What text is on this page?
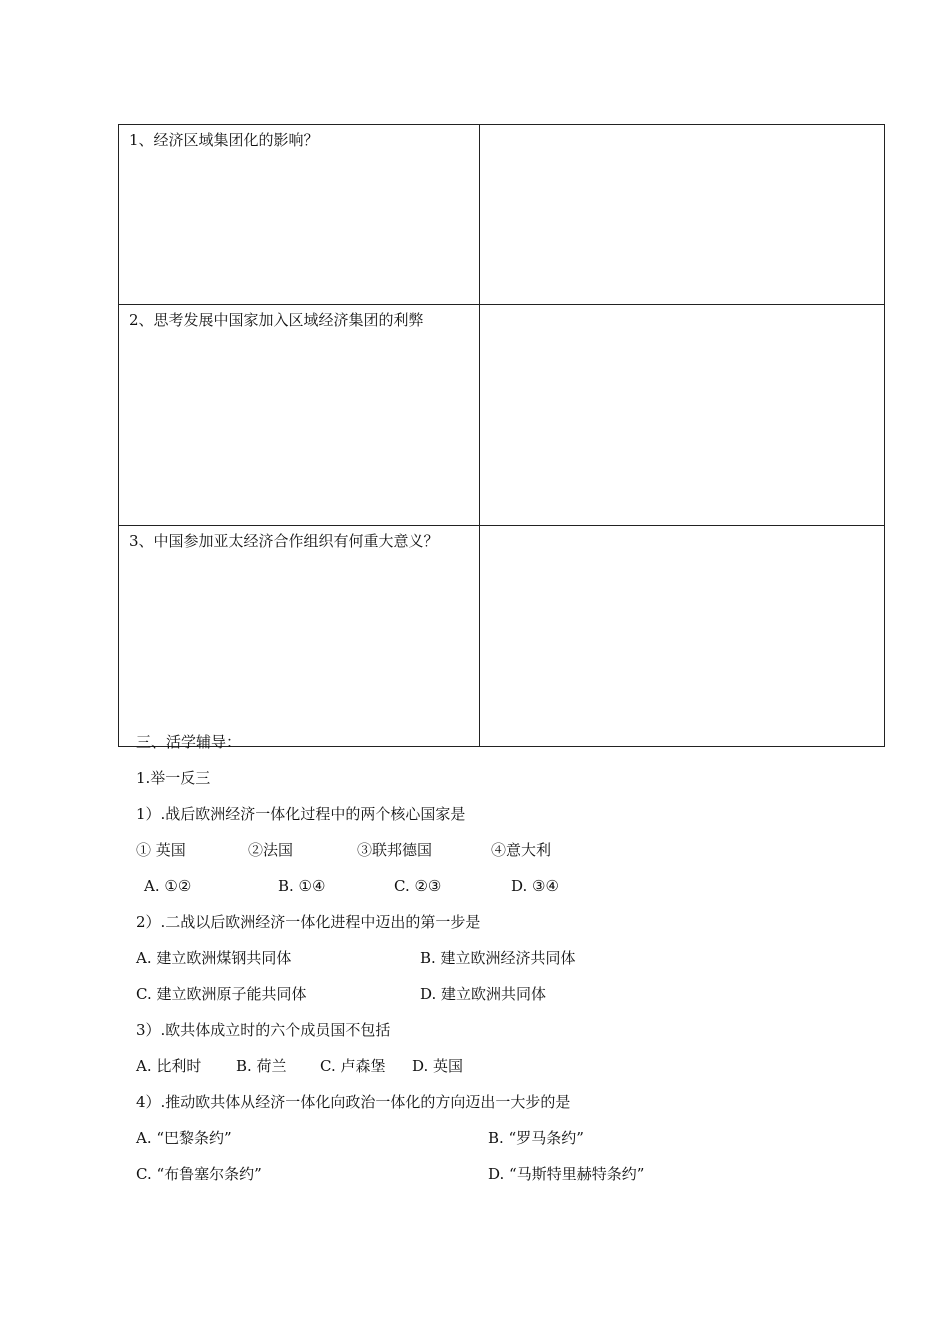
1、经济区域集团化的影响？	

2、思考发展中国家加入区域经济集团的利弊	

3、中国参加亚太经济合作组织有何重大意义？	

三、活学辅导：
1.举一反三
1）.战后欧洲经济一体化过程中的两个核心国家是

① 英国

	②法国

	③联邦德国

	④意大利

A. ①②

	B. ①④

	C. ②③

	D. ③④

2）.二战以后欧洲经济一体化进程中迈出的第一步是

A. 建立欧洲煤钢共同体

	B. 建立欧洲经济共同体

C. 建立欧洲原子能共同体

	D. 建立欧洲共同体

3）.欧共体成立时的六个成员国不包括

A. 比利时

B. 荷兰

C. 卢森堡

D. 英国

4）.推动欧共体从经济一体化向政治一体化的方向迈出一大步的是

A. “巴黎条约”

	B. “罗马条约”

C. “布鲁塞尔条约”

	D. “马斯特里赫特条约”
